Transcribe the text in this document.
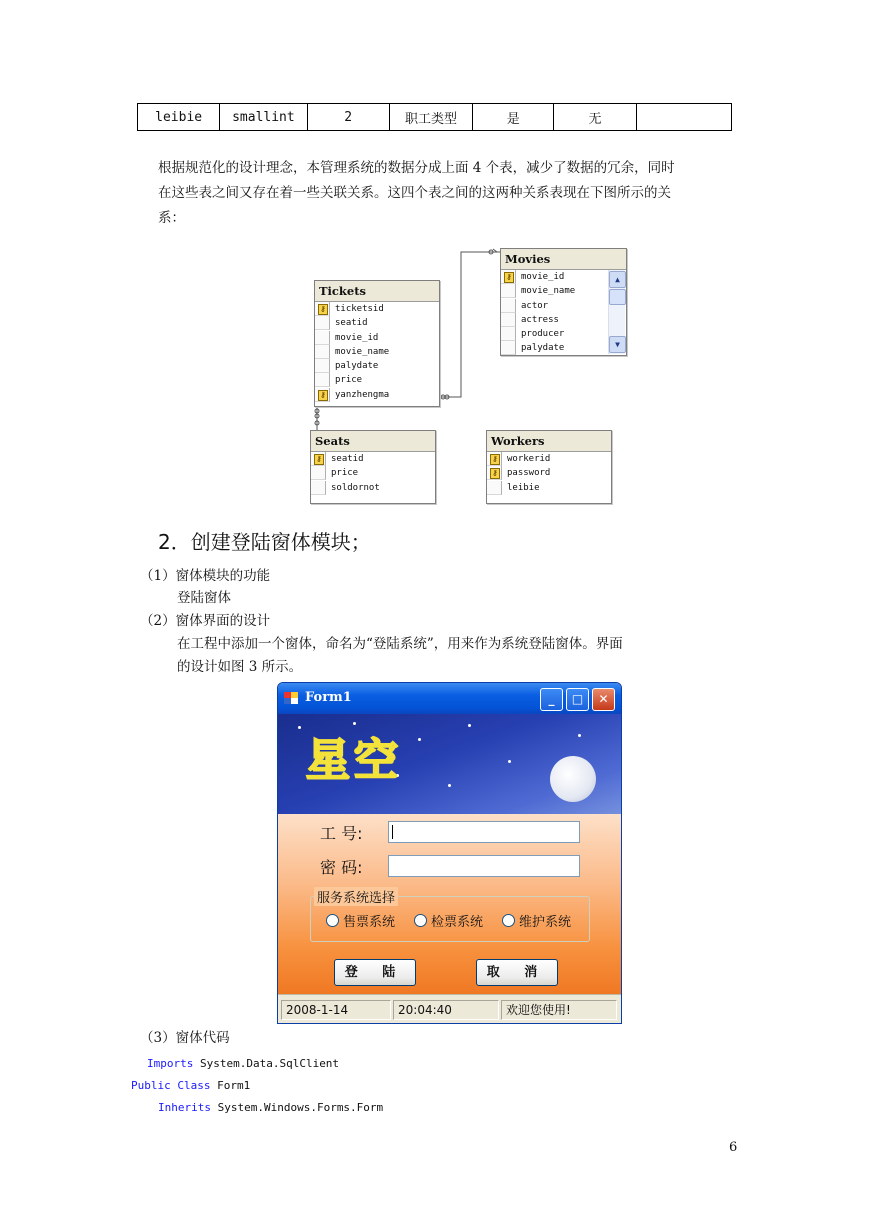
leibie	smallint	2	职工类型	是	无	

根据规范化的设计理念，本管理系统的数据分成上面 4 个表，减少了数据的冗余，同时

在这些表之间又存在着一些关联关系。这四个表之间的这两种关系表现在下图所示的关

系：

Movies
⚷ movie_id
movie_name
actor
actress
producer
palydate
▲
▼
Tickets
⚷ ticketsid
seatid
movie_id
movie_name
palydate
price
⚷ yanzhengma
Seats
⚷ seatid
price
soldornot
Workers
⚷ workerid
⚷ password
leibie
2．创建登陆窗体模块；
（1）窗体模块的功能
登陆窗体
（2）窗体界面的设计
在工程中添加一个窗体，命名为“登陆系统”，用来作为系统登陆窗体。界面
的设计如图 3 所示。
Form1	_	□	✕
星空
工 号:
密 码:
服务系统选择
售票系统	检票系统	维护系统
登 陆	取 消
2008-1-14	20:04:40	欢迎您使用!
（3）窗体代码
Imports System.Data.SqlClient
Public Class Form1
Inherits System.Windows.Forms.Form
6
